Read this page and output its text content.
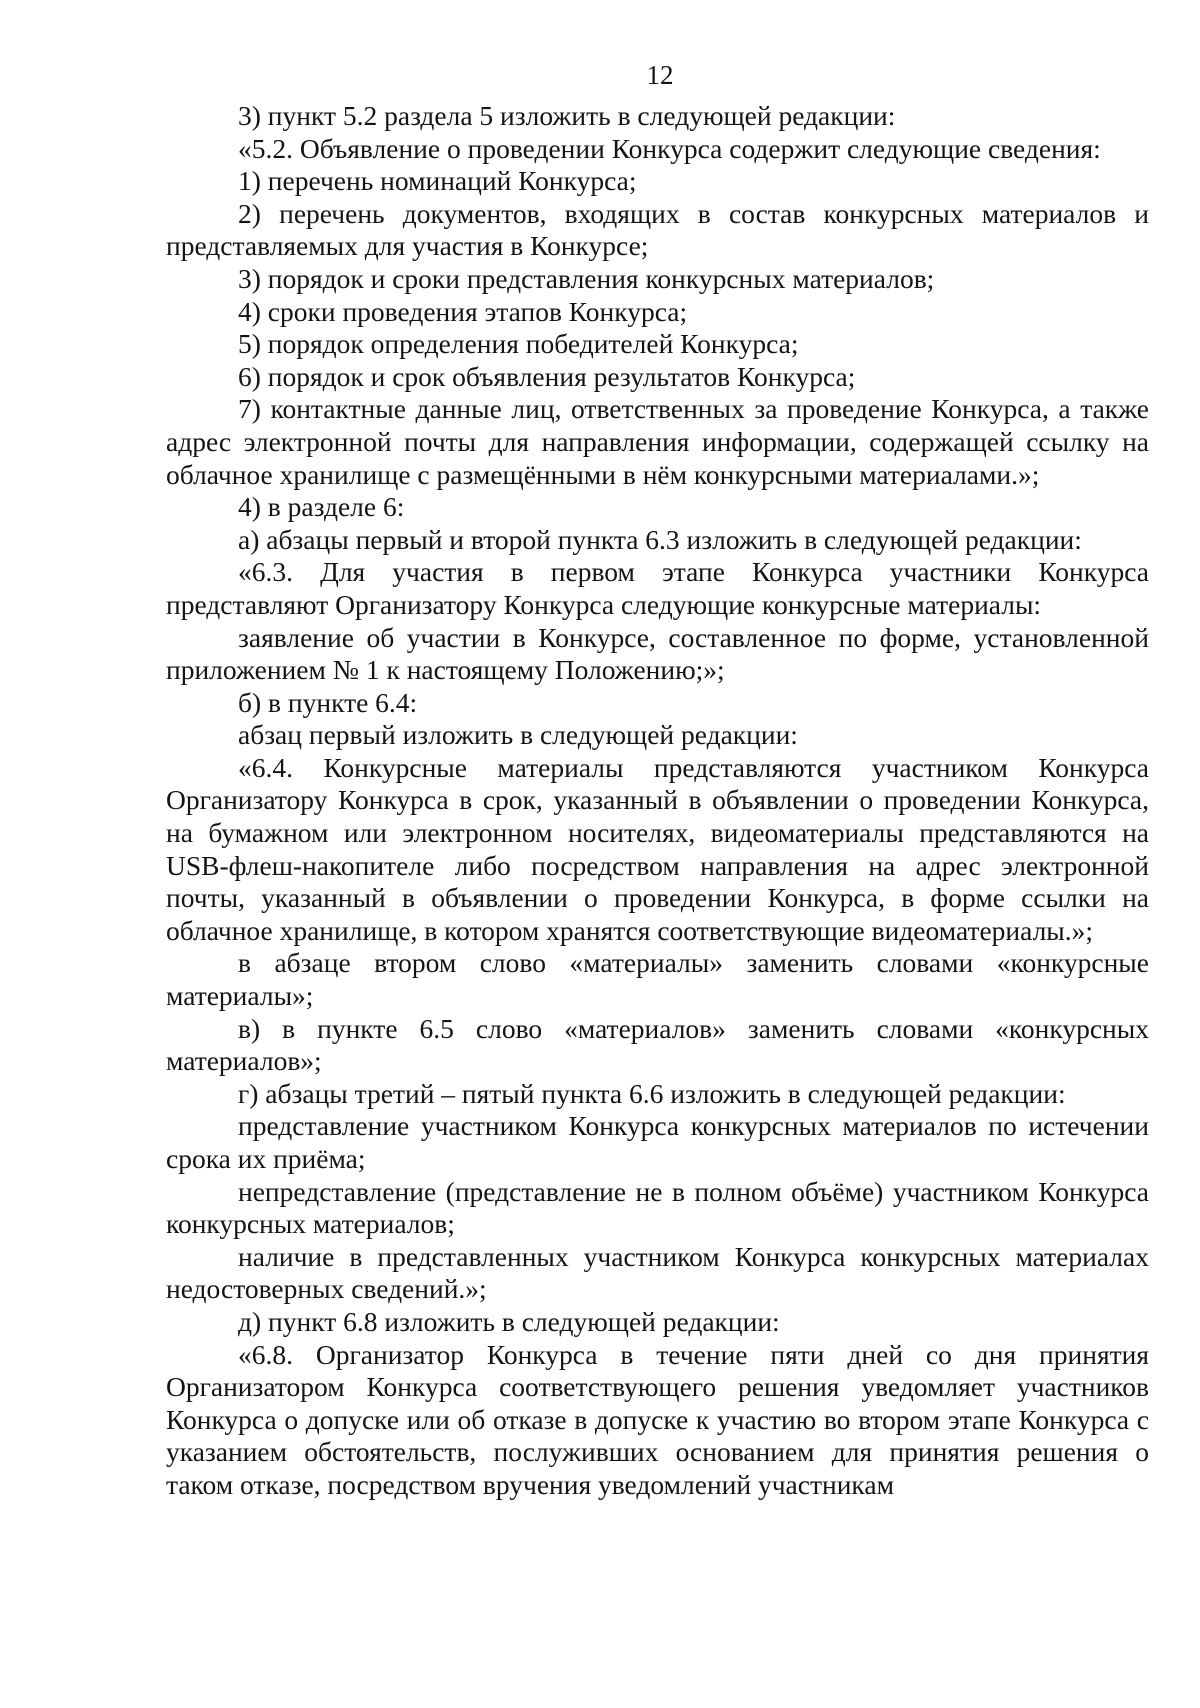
12

3) пункт 5.2 раздела 5 изложить в следующей редакции:

«5.2. Объявление о проведении Конкурса содержит следующие сведения:

1) перечень номинаций Конкурса;

2) перечень документов, входящих в состав конкурсных материалов и представляемых для участия в Конкурсе;

3) порядок и сроки представления конкурсных материалов;

4) сроки проведения этапов Конкурса;

5) порядок определения победителей Конкурса;

6) порядок и срок объявления результатов Конкурса;

7) контактные данные лиц, ответственных за проведение Конкурса, а также адрес электронной почты для направления информации, содержащей ссылку на облачное хранилище с размещёнными в нём конкурсными материалами.»;

4) в разделе 6:

а) абзацы первый и второй пункта 6.3 изложить в следующей редакции:

«6.3. Для участия в первом этапе Конкурса участники Конкурса представляют Организатору Конкурса следующие конкурсные материалы:

заявление об участии в Конкурсе, составленное по форме, установленной приложением № 1 к настоящему Положению;»;

б) в пункте 6.4:

абзац первый изложить в следующей редакции:

«6.4. Конкурсные материалы представляются участником Конкурса Организатору Конкурса в срок, указанный в объявлении о проведении Конкурса, на бумажном или электронном носителях, видеоматериалы представляются на USB-флеш-накопителе либо посредством направления на адрес электронной почты, указанный в объявлении о проведении Конкурса, в форме ссылки на облачное хранилище, в котором хранятся соответствующие видеоматериалы.»;

в абзаце втором слово «материалы» заменить словами «конкурсные материалы»;

в) в пункте 6.5 слово «материалов» заменить словами «конкурсных материалов»;

г) абзацы третий – пятый пункта 6.6 изложить в следующей редакции:

представление участником Конкурса конкурсных материалов по истечении срока их приёма;

непредставление (представление не в полном объёме) участником Конкурса конкурсных материалов;

наличие в представленных участником Конкурса конкурсных материалах недостоверных сведений.»;

д) пункт 6.8 изложить в следующей редакции:

«6.8. Организатор Конкурса в течение пяти дней со дня принятия Организатором Конкурса соответствующего решения уведомляет участников Конкурса о допуске или об отказе в допуске к участию во втором этапе Конкурса с указанием обстоятельств, послуживших основанием для принятия решения о таком отказе, посредством вручения уведомлений участникам
